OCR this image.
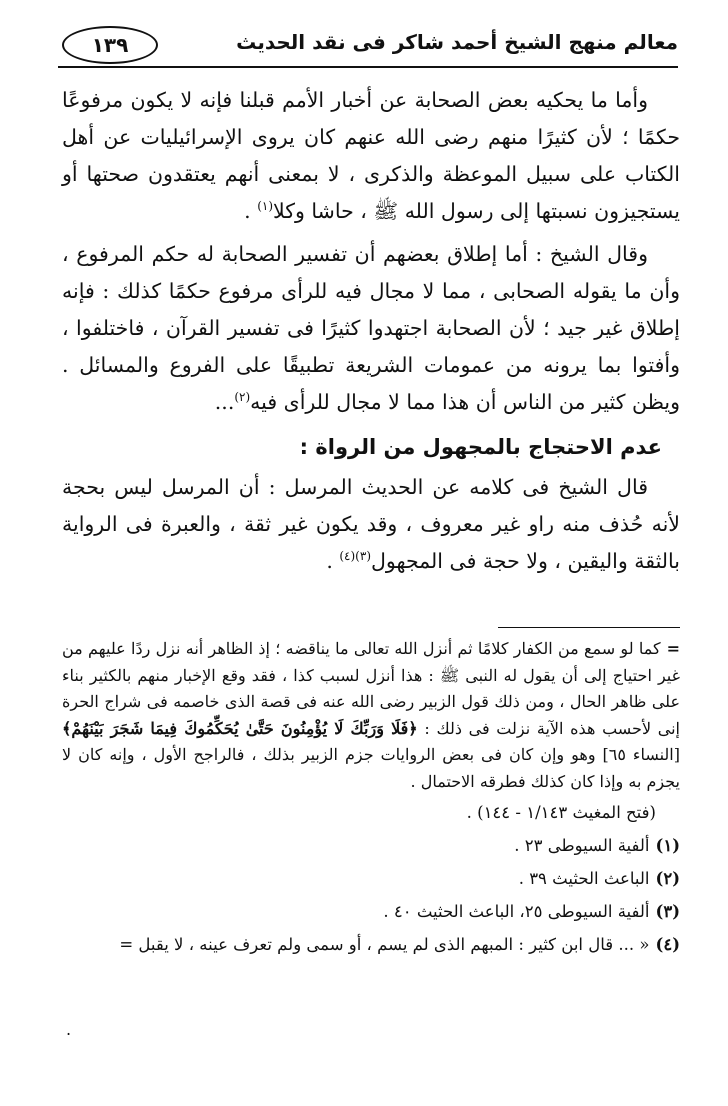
معالم منهج الشيخ أحمد شاكر فى نقد الحديث
١٣٩

وأما ما يحكيه بعض الصحابة عن أخبار الأمم قبلنا فإنه لا يكون مرفوعًا حكمًا ؛ لأن كثيرًا منهم رضى الله عنهم كان يروى الإسرائيليات عن أهل الكتاب على سبيل الموعظة والذكرى ، لا بمعنى أنهم يعتقدون صحتها أو يستجيزون نسبتها إلى رسول الله ﷺ ، حاشا وكلا$^{(١)}$ .

وقال الشيخ : أما إطلاق بعضهم أن تفسير الصحابة له حكم المرفوع ، وأن ما يقوله الصحابى ، مما لا مجال فيه للرأى مرفوع حكمًا كذلك : فإنه إطلاق غير جيد ؛ لأن الصحابة اجتهدوا كثيرًا فى تفسير القرآن ، فاختلفوا ، وأفتوا بما يرونه من عمومات الشريعة تطبيقًا على الفروع والمسائل . ويظن كثير من الناس أن هذا مما لا مجال للرأى فيه$^{(٢)}$...

عدم الاحتجاج بالمجهول من الرواة :

قال الشيخ فى كلامه عن الحديث المرسل : أن المرسل ليس بحجة لأنه حُذف منه راو غير معروف ، وقد يكون غير ثقة ، والعبرة فى الرواية بالثقة واليقين ، ولا حجة فى المجهول$^{(٣)(٤)}$ .

=كما لو سمع من الكفار كلامًا ثم أنزل الله تعالى ما يناقضه ؛ إذ الظاهر أنه نزل ردًا عليهم من غير احتياج إلى أن يقول له النبى ﷺ : هذا أنزل لسبب كذا ، فقد وقع الإخبار منهم بالكثير بناء على ظاهر الحال ، ومن ذلك قول الزبير رضى الله عنه فى قصة الذى خاصمه فى شراج الحرة إنى لأحسب هذه الآية نزلت فى ذلك : ﴿فَلَا وَرَبِّكَ لَا يُؤْمِنُونَ حَتَّىٰ يُحَكِّمُوكَ فِيمَا شَجَرَ بَيْنَهُمْ﴾ [النساء ٦٥] وهو وإن كان فى بعض الروايات جزم الزبير بذلك ، فالراجح الأول ، وإنه كان لا يجزم به وإذا كان كذلك فطرقه الاحتمال .

(فتح المغيث ١/١٤٣ - ١٤٤) .

(١)ألفية السيوطى ٢٣ .

(٢)الباعث الحثيث ٣٩ .

(٣)ألفية السيوطى ٢٥، الباعث الحثيث ٤٠ .

(٤)« ... قال ابن كثير : المبهم الذى لم يسم ، أو سمى ولم تعرف عينه ، لا يقبل =

.
